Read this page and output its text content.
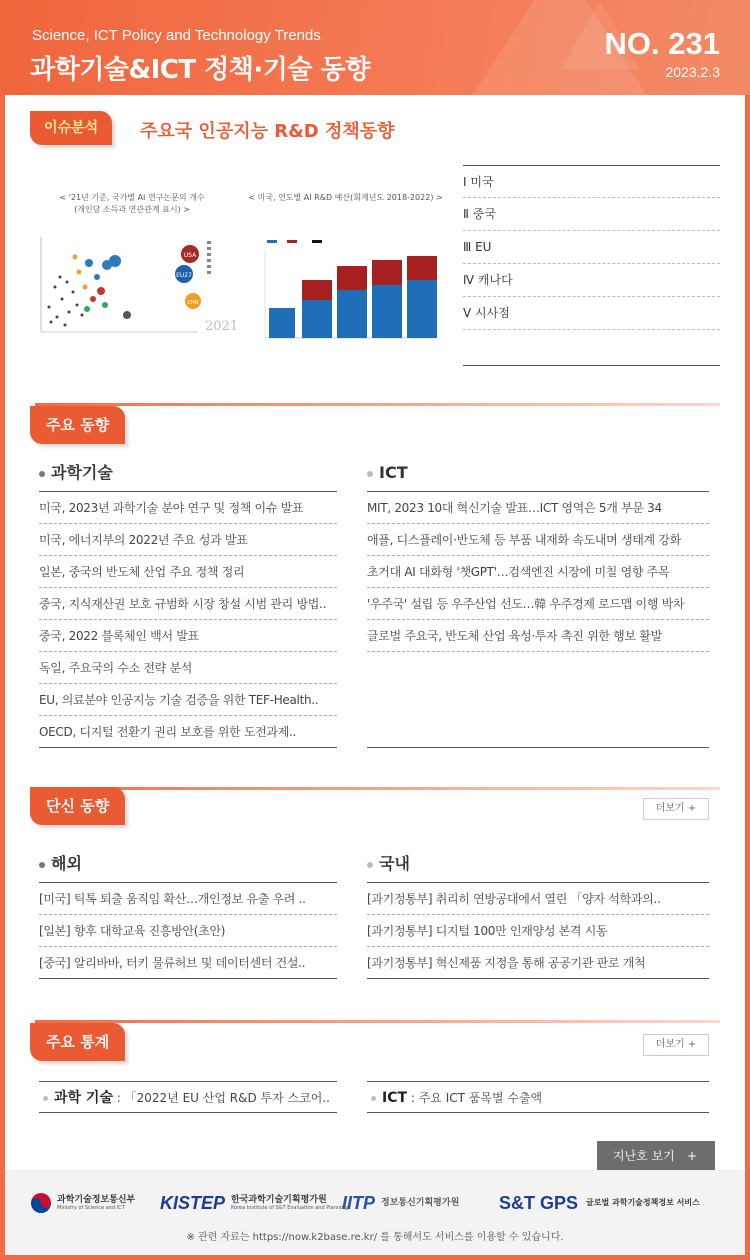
Science, ICT Policy and Technology Trends
과학기술&ICT 정책·기술 동향
NO. 231
2023.2.3
이슈분석	주요국 인공지능 R&D 정책동향
< '21년 기준, 국가별 AI 연구논문의 개수
(개인당 소득과 연관관계 표시) >
USA
EU27
CHN
2021
< 미국, 연도별 AI R&D 예산(회계년도 2018-2022) >
Ⅰ 미국
Ⅱ 중국
Ⅲ EU
Ⅳ 캐나다
Ⅴ 시사점
주요 동향
과학기술
미국, 2023년 과학기술 분야 연구 및 정책 이슈 발표
미국, 에너지부의 2022년 주요 성과 발표
일본, 중국의 반도체 산업 주요 정책 정리
중국, 지식재산권 보호 규범화 시장 창설 시범 관리 방법..
중국, 2022 블록체인 백서 발표
독일, 주요국의 수소 전략 분석
EU, 의료분야 인공지능 기술 검증을 위한 TEF-Health..
OECD, 디지털 전환기 권리 보호를 위한 도전과제..
ICT
MIT, 2023 10대 혁신기술 발표…ICT 영역은 5개 부문 34
애플, 디스플레이·반도체 등 부품 내재화 속도내며 생태계 강화
초거대 AI 대화형 '챗GPT'…검색엔진 시장에 미칠 영향 주목
'우주국' 설립 등 우주산업 선도…韓 우주경제 로드맵 이행 박차
글로벌 주요국, 반도체 산업 육성·투자 촉진 위한 행보 활발
단신 동향	더보기 +
해외
[미국] 틱톡 퇴출 움직임 확산…개인정보 유출 우려 ..
[일본] 향후 대학교육 진흥방안(초안)
[중국] 알리바바, 터키 물류허브 및 데이터센터 건설..
국내
[과기정통부] 취리히 연방공대에서 열린 「양자 석학과의..
[과기정통부] 디지털 100만 인재양성 본격 시동
[과기정통부] 혁신제품 지정을 통해 공공기관 판로 개척
주요 통계	더보기 +
과학 기술 : 「2022년 EU 산업 R&D 투자 스코어..	ICT : 주요 ICT 품목별 수출액
지난호 보기 +
과학기술정보통신부
Ministry of Science and ICT	KISTEP 한국과학기술기획평가원
Korea Institute of S&T Evaluation and Planning
IITP 정보통신기획평가원 S&T GPS 글로벌 과학기술정책정보 서비스
※ 관련 자료는 https://now.k2base.re.kr/ 를 통해서도 서비스를 이용할 수 있습니다.
